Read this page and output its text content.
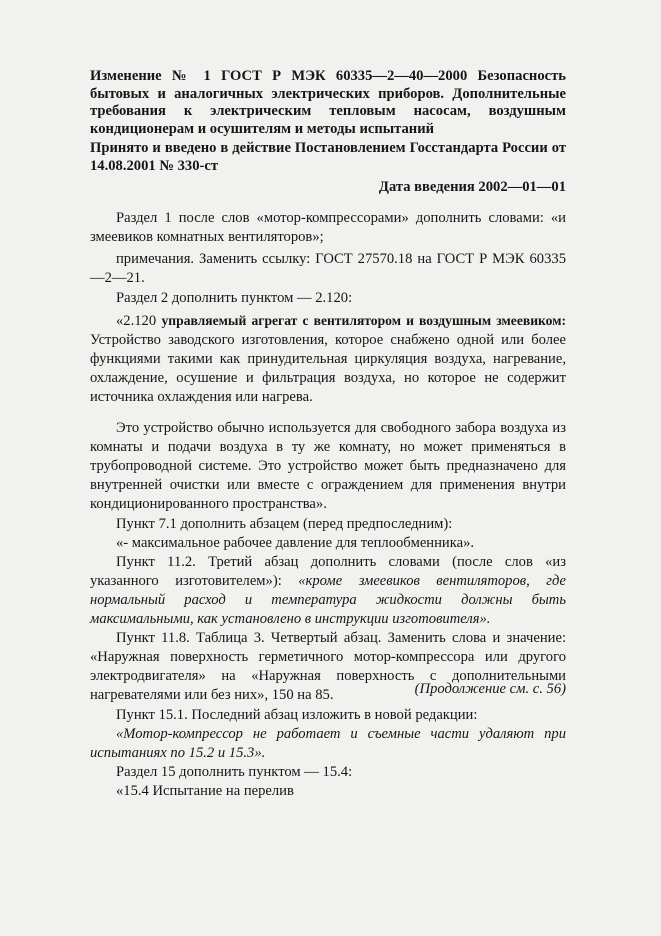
Изменение № 1 ГОСТ Р МЭК 60335—2—40—2000 Безопасность бытовых и аналогичных электрических приборов. Дополнительные требования к электрическим тепловым насосам, воздушным кондиционерам и осушителям и методы испытаний

Принято и введено в действие Постановлением Госстандарта России от 14.08.2001 № 330-ст

Дата введения 2002—01—01

Раздел 1 после слов «мотор-компрессорами» дополнить словами: «и змеевиков комнатных вентиляторов»;

примечания. Заменить ссылку: ГОСТ 27570.18 на ГОСТ Р МЭК 60335—2—21.

Раздел 2 дополнить пунктом — 2.120:

«2.120 управляемый агрегат с вентилятором и воздушным змеевиком: Устройство заводского изготовления, которое снабжено одной или более функциями такими как принудительная циркуляция воздуха, нагревание, охлаждение, осушение и фильтрация воздуха, но которое не содержит источника охлаждения или нагрева.

Это устройство обычно используется для свободного забора воздуха из комнаты и подачи воздуха в ту же комнату, но может применяться в трубопроводной системе. Это устройство может быть предназначено для внутренней очистки или вместе с ограждением для применения внутри кондиционированного пространства».

Пункт 7.1 дополнить абзацем (перед предпоследним):

«- максимальное рабочее давление для теплообменника».

Пункт 11.2. Третий абзац дополнить словами (после слов «из указанного изготовителем»): «кроме змеевиков вентиляторов, где нормальный расход и температура жидкости должны быть максимальными, как установлено в инструкции изготовителя».

Пункт 11.8. Таблица 3. Четвертый абзац. Заменить слова и значение: «Наружная поверхность герметичного мотор-компрессора или другого электродвигателя» на «Наружная поверхность с дополнительными нагревателями или без них», 150 на 85.

Пункт 15.1. Последний абзац изложить в новой редакции:

«Мотор-компрессор не работает и съемные части удаляют при испытаниях по 15.2 и 15.3».

Раздел 15 дополнить пунктом — 15.4:

«15.4 Испытание на перелив

(Продолжение см. с. 56)
